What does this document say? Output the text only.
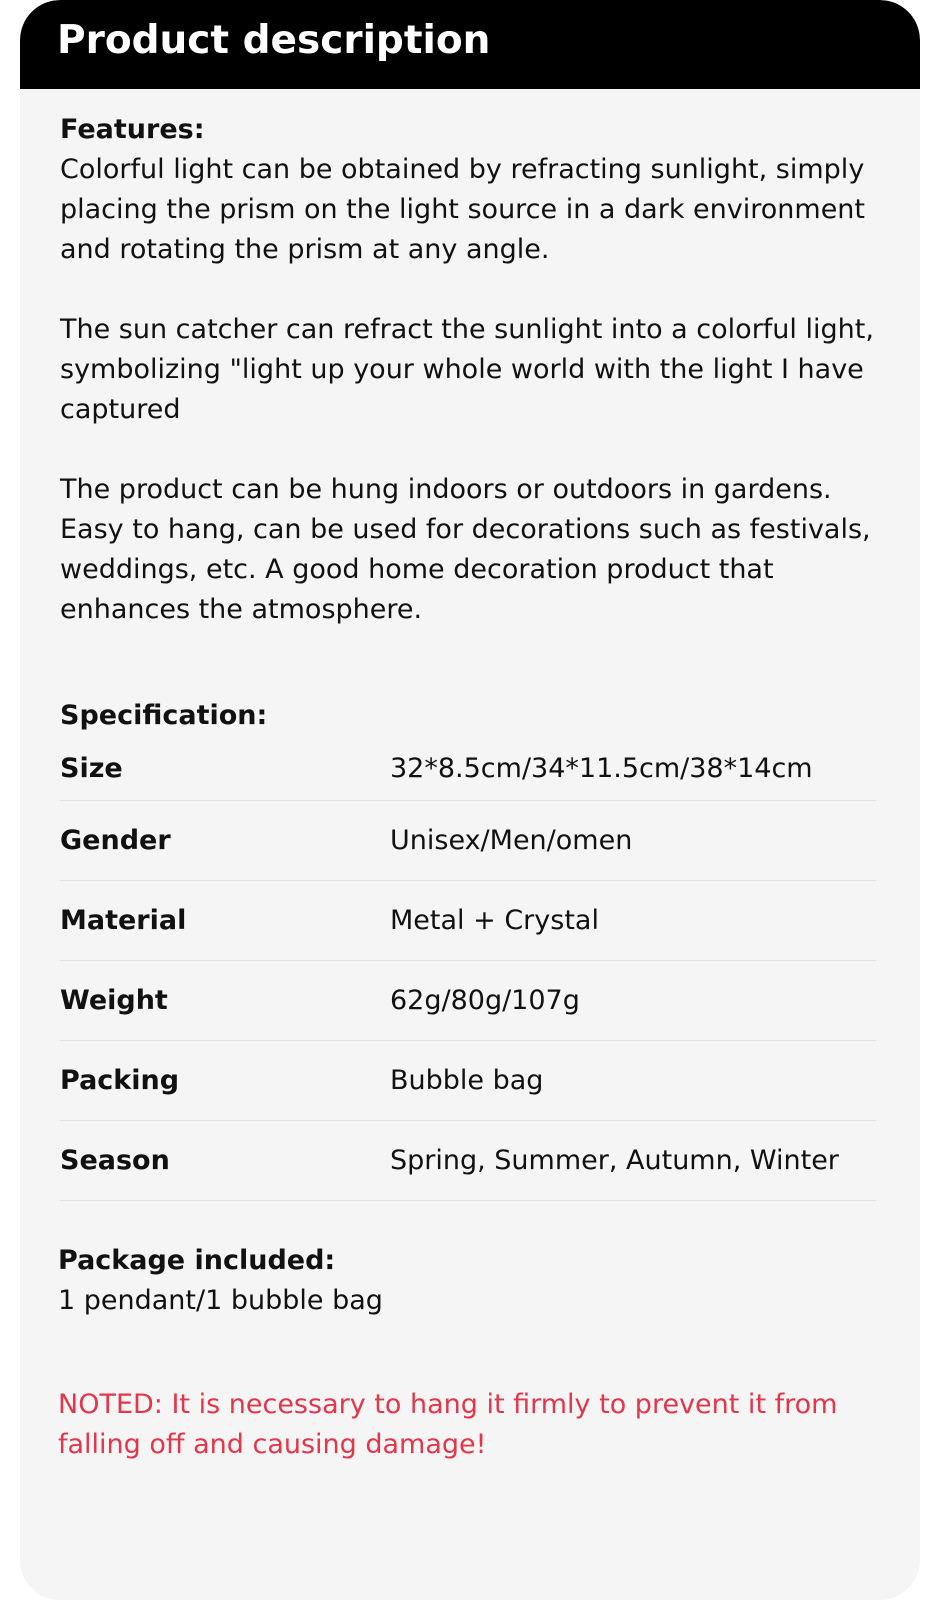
Product description

Features:

Colorful light can be obtained by refracting sunlight, simply placing the prism on the light source in a dark environment and rotating the prism at any angle.

The sun catcher can refract the sunlight into a colorful light, symbolizing "light up your whole world with the light I have captured

The product can be hung indoors or outdoors in gardens. Easy to hang, can be used for decorations such as festivals, weddings, etc. A good home decoration product that enhances the atmosphere.

Specification:

Size	32*8.5cm/34*11.5cm/38*14cm
Gender	Unisex/Men/omen
Material	Metal + Crystal
Weight	62g/80g/107g
Packing	Bubble bag
Season	Spring, Summer, Autumn, Winter

Package included:

1 pendant/1 bubble bag

NOTED: It is necessary to hang it firmly to prevent it from falling off and causing damage!
